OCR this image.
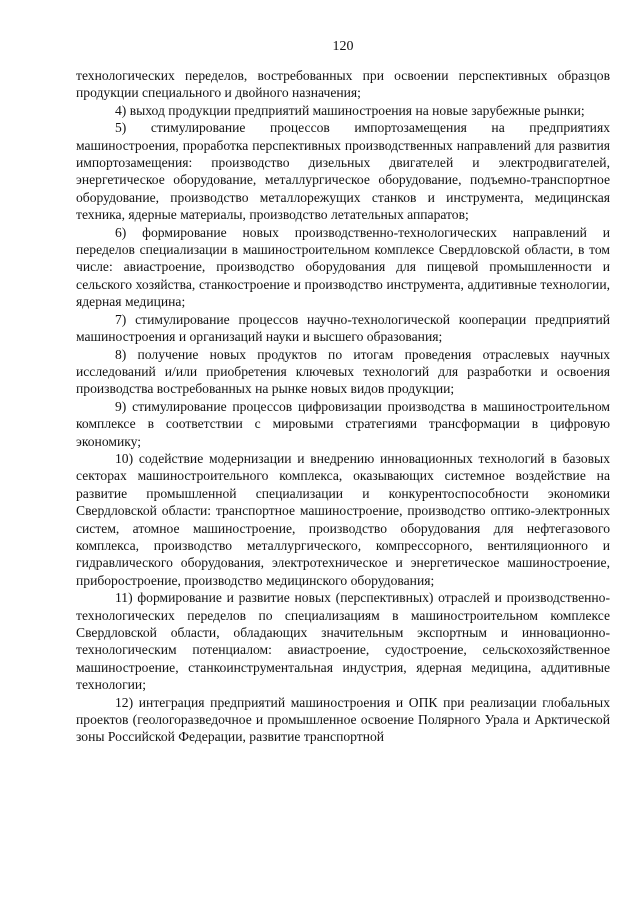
120

технологических переделов, востребованных при освоении перспективных образцов продукции специального и двойного назначения;

4) выход продукции предприятий машиностроения на новые зарубежные рынки;

5) стимулирование процессов импортозамещения на предприятиях машиностроения, проработка перспективных производственных направлений для развития импортозамещения: производство дизельных двигателей и электродвигателей, энергетическое оборудование, металлургическое оборудование, подъемно-транспортное оборудование, производство металлорежущих станков и инструмента, медицинская техника, ядерные материалы, производство летательных аппаратов;

6) формирование новых производственно-технологических направлений и переделов специализации в машиностроительном комплексе Свердловской области, в том числе: авиастроение, производство оборудования для пищевой промышленности и сельского хозяйства, станкостроение и производство инструмента, аддитивные технологии, ядерная медицина;

7) стимулирование процессов научно-технологической кооперации предприятий машиностроения и организаций науки и высшего образования;

8) получение новых продуктов по итогам проведения отраслевых научных исследований и/или приобретения ключевых технологий для разработки и освоения производства востребованных на рынке новых видов продукции;

9) стимулирование процессов цифровизации производства в машиностроительном комплексе в соответствии с мировыми стратегиями трансформации в цифровую экономику;

10) содействие модернизации и внедрению инновационных технологий в базовых секторах машиностроительного комплекса, оказывающих системное воздействие на развитие промышленной специализации и конкурентоспособности экономики Свердловской области: транспортное машиностроение, производство оптико-электронных систем, атомное машиностроение, производство оборудования для нефтегазового комплекса, производство металлургического, компрессорного, вентиляционного и гидравлического оборудования, электротехническое и энергетическое машиностроение, приборостроение, производство медицинского оборудования;

11) формирование и развитие новых (перспективных) отраслей и производственно-технологических переделов по специализациям в машиностроительном комплексе Свердловской области, обладающих значительным экспортным и инновационно-технологическим потенциалом: авиастроение, судостроение, сельскохозяйственное машиностроение, станкоинструментальная индустрия, ядерная медицина, аддитивные технологии;

12) интеграция предприятий машиностроения и ОПК при реализации глобальных проектов (геологоразведочное и промышленное освоение Полярного Урала и Арктической зоны Российской Федерации, развитие транспортной
